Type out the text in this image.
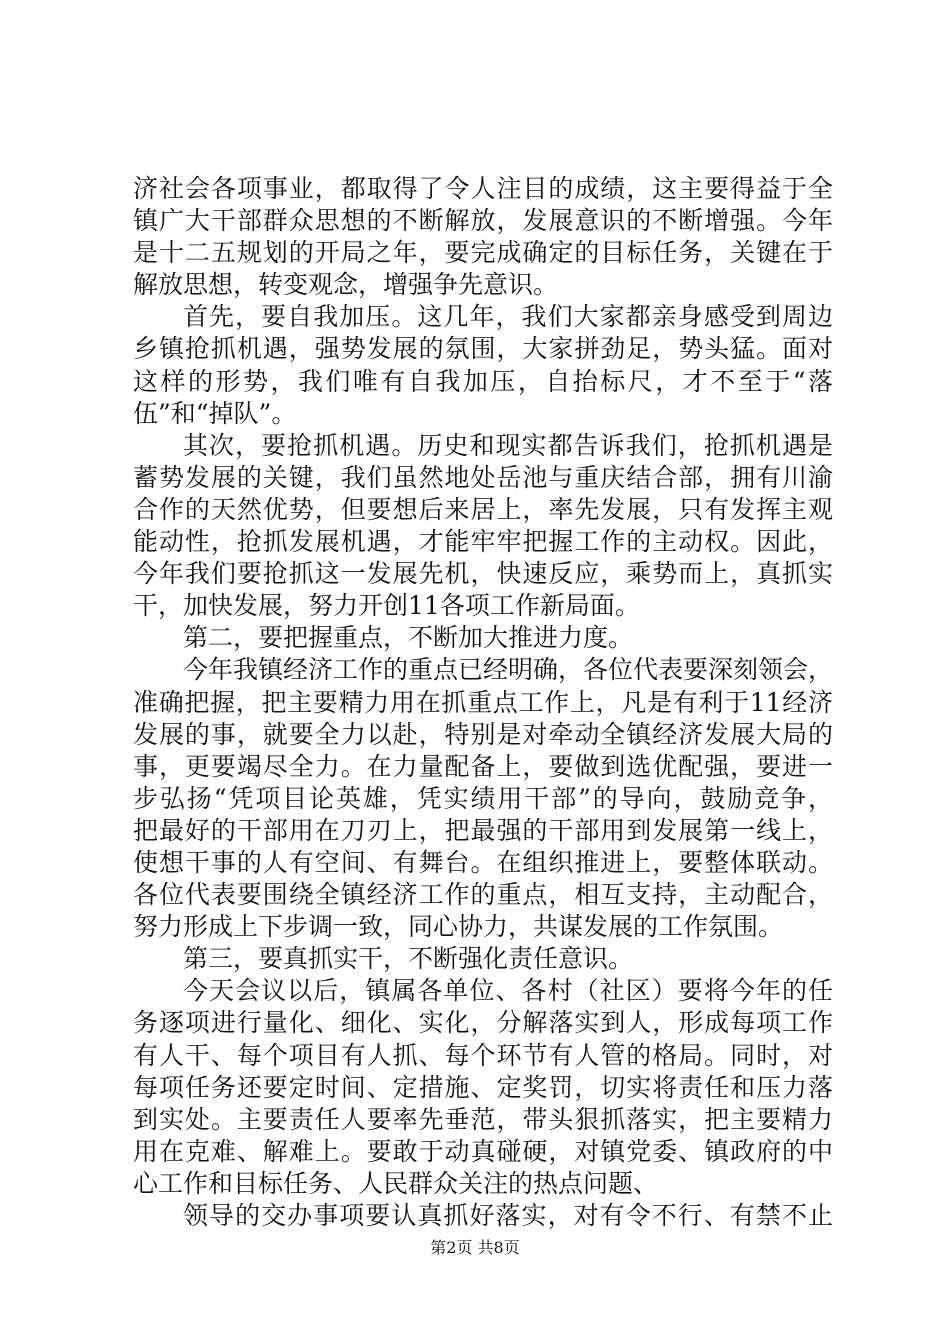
济社会各项事业，都取得了令人注目的成绩，这主要得益于全
镇广大干部群众思想的不断解放，发展意识的不断增强。今年
是十二五规划的开局之年，要完成确定的目标任务，关键在于
解放思想，转变观念，增强争先意识。
首先，要自我加压。这几年，我们大家都亲身感受到周边
乡镇抢抓机遇，强势发展的氛围，大家拼劲足，势头猛。面对
这样的形势，我们唯有自我加压，自抬标尺，才不至于“落
伍”和“掉队”。
其次，要抢抓机遇。历史和现实都告诉我们，抢抓机遇是
蓄势发展的关键，我们虽然地处岳池与重庆结合部，拥有川渝
合作的天然优势，但要想后来居上，率先发展，只有发挥主观
能动性，抢抓发展机遇，才能牢牢把握工作的主动权。因此，
今年我们要抢抓这一发展先机，快速反应，乘势而上，真抓实
干，加快发展，努力开创11各项工作新局面。
第二，要把握重点，不断加大推进力度。
今年我镇经济工作的重点已经明确，各位代表要深刻领会，
准确把握，把主要精力用在抓重点工作上，凡是有利于11经济
发展的事，就要全力以赴，特别是对牵动全镇经济发展大局的
事，更要竭尽全力。在力量配备上，要做到选优配强，要进一
步弘扬“凭项目论英雄，凭实绩用干部”的导向，鼓励竞争，
把最好的干部用在刀刃上，把最强的干部用到发展第一线上，
使想干事的人有空间、有舞台。在组织推进上，要整体联动。
各位代表要围绕全镇经济工作的重点，相互支持，主动配合，
努力形成上下步调一致，同心协力，共谋发展的工作氛围。
第三，要真抓实干，不断强化责任意识。
今天会议以后，镇属各单位、各村（社区）要将今年的任
务逐项进行量化、细化、实化，分解落实到人，形成每项工作
有人干、每个项目有人抓、每个环节有人管的格局。同时，对
每项任务还要定时间、定措施、定奖罚，切实将责任和压力落
到实处。主要责任人要率先垂范，带头狠抓落实，把主要精力
用在克难、解难上。要敢于动真碰硬，对镇党委、镇政府的中
心工作和目标任务、人民群众关注的热点问题、
领导的交办事项要认真抓好落实，对有令不行、有禁不止
第2页 共8页
